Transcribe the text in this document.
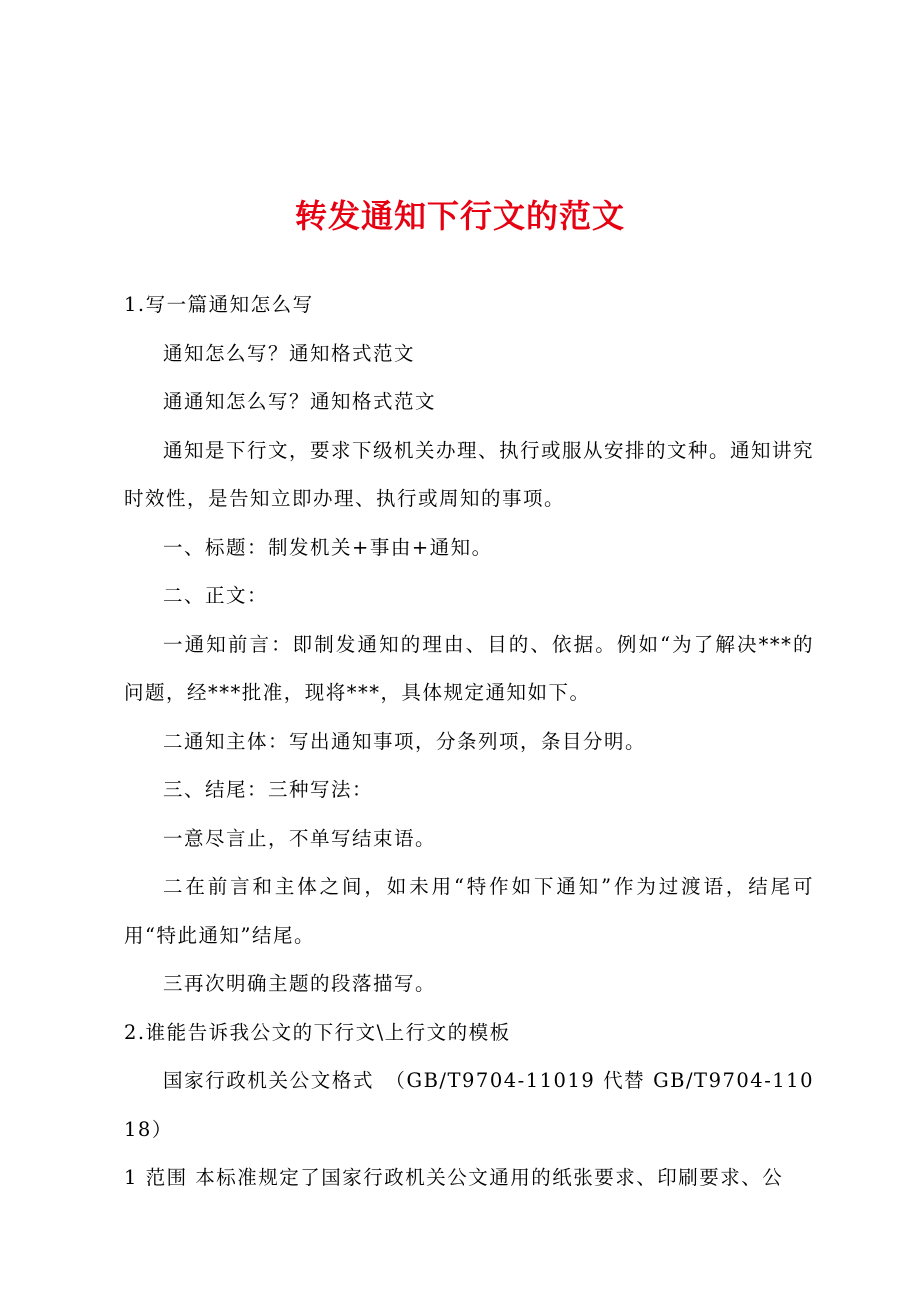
转发通知下行文的范文

1.写一篇通知怎么写

通知怎么写？通知格式范文

通通知怎么写？通知格式范文

通知是下行文，要求下级机关办理、执行或服从安排的文种。通知讲究时效性，是告知立即办理、执行或周知的事项。

一、标题：制发机关+事由+通知。

二、正文：

一通知前言：即制发通知的理由、目的、依据。例如“为了解决***的问题，经***批准，现将***，具体规定通知如下。

二通知主体：写出通知事项，分条列项，条目分明。

三、结尾：三种写法：

一意尽言止，不单写结束语。

二在前言和主体之间，如未用“特作如下通知”作为过渡语，结尾可用“特此通知”结尾。

三再次明确主题的段落描写。

2.谁能告诉我公文的下行文\上行文的模板

国家行政机关公文格式　（GB/T9704-11019 代替 GB/T9704-11018）

1 范围 本标准规定了国家行政机关公文通用的纸张要求、印刷要求、公
